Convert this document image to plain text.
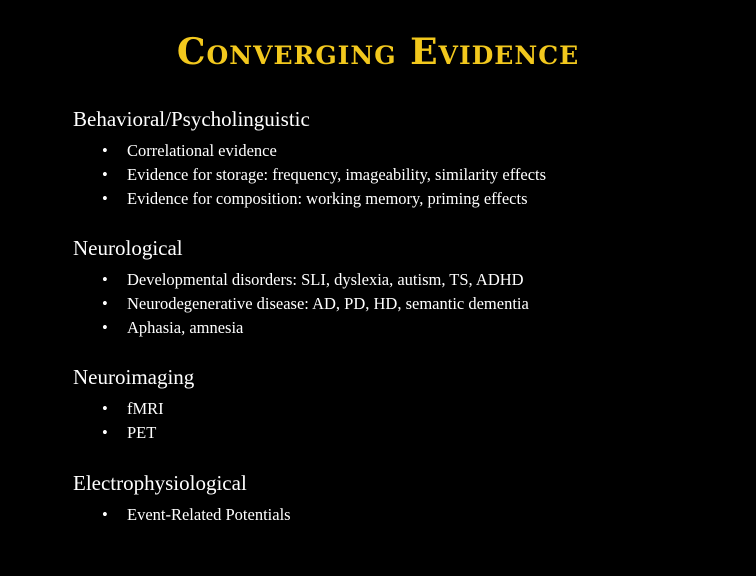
Converging Evidence
Behavioral/Psycholinguistic
• Correlational evidence
• Evidence for storage: frequency, imageability, similarity effects
• Evidence for composition: working memory, priming effects
Neurological
• Developmental disorders: SLI, dyslexia, autism, TS, ADHD
• Neurodegenerative disease: AD, PD, HD, semantic dementia
• Aphasia, amnesia
Neuroimaging
• fMRI
• PET
Electrophysiological
• Event-Related Potentials
